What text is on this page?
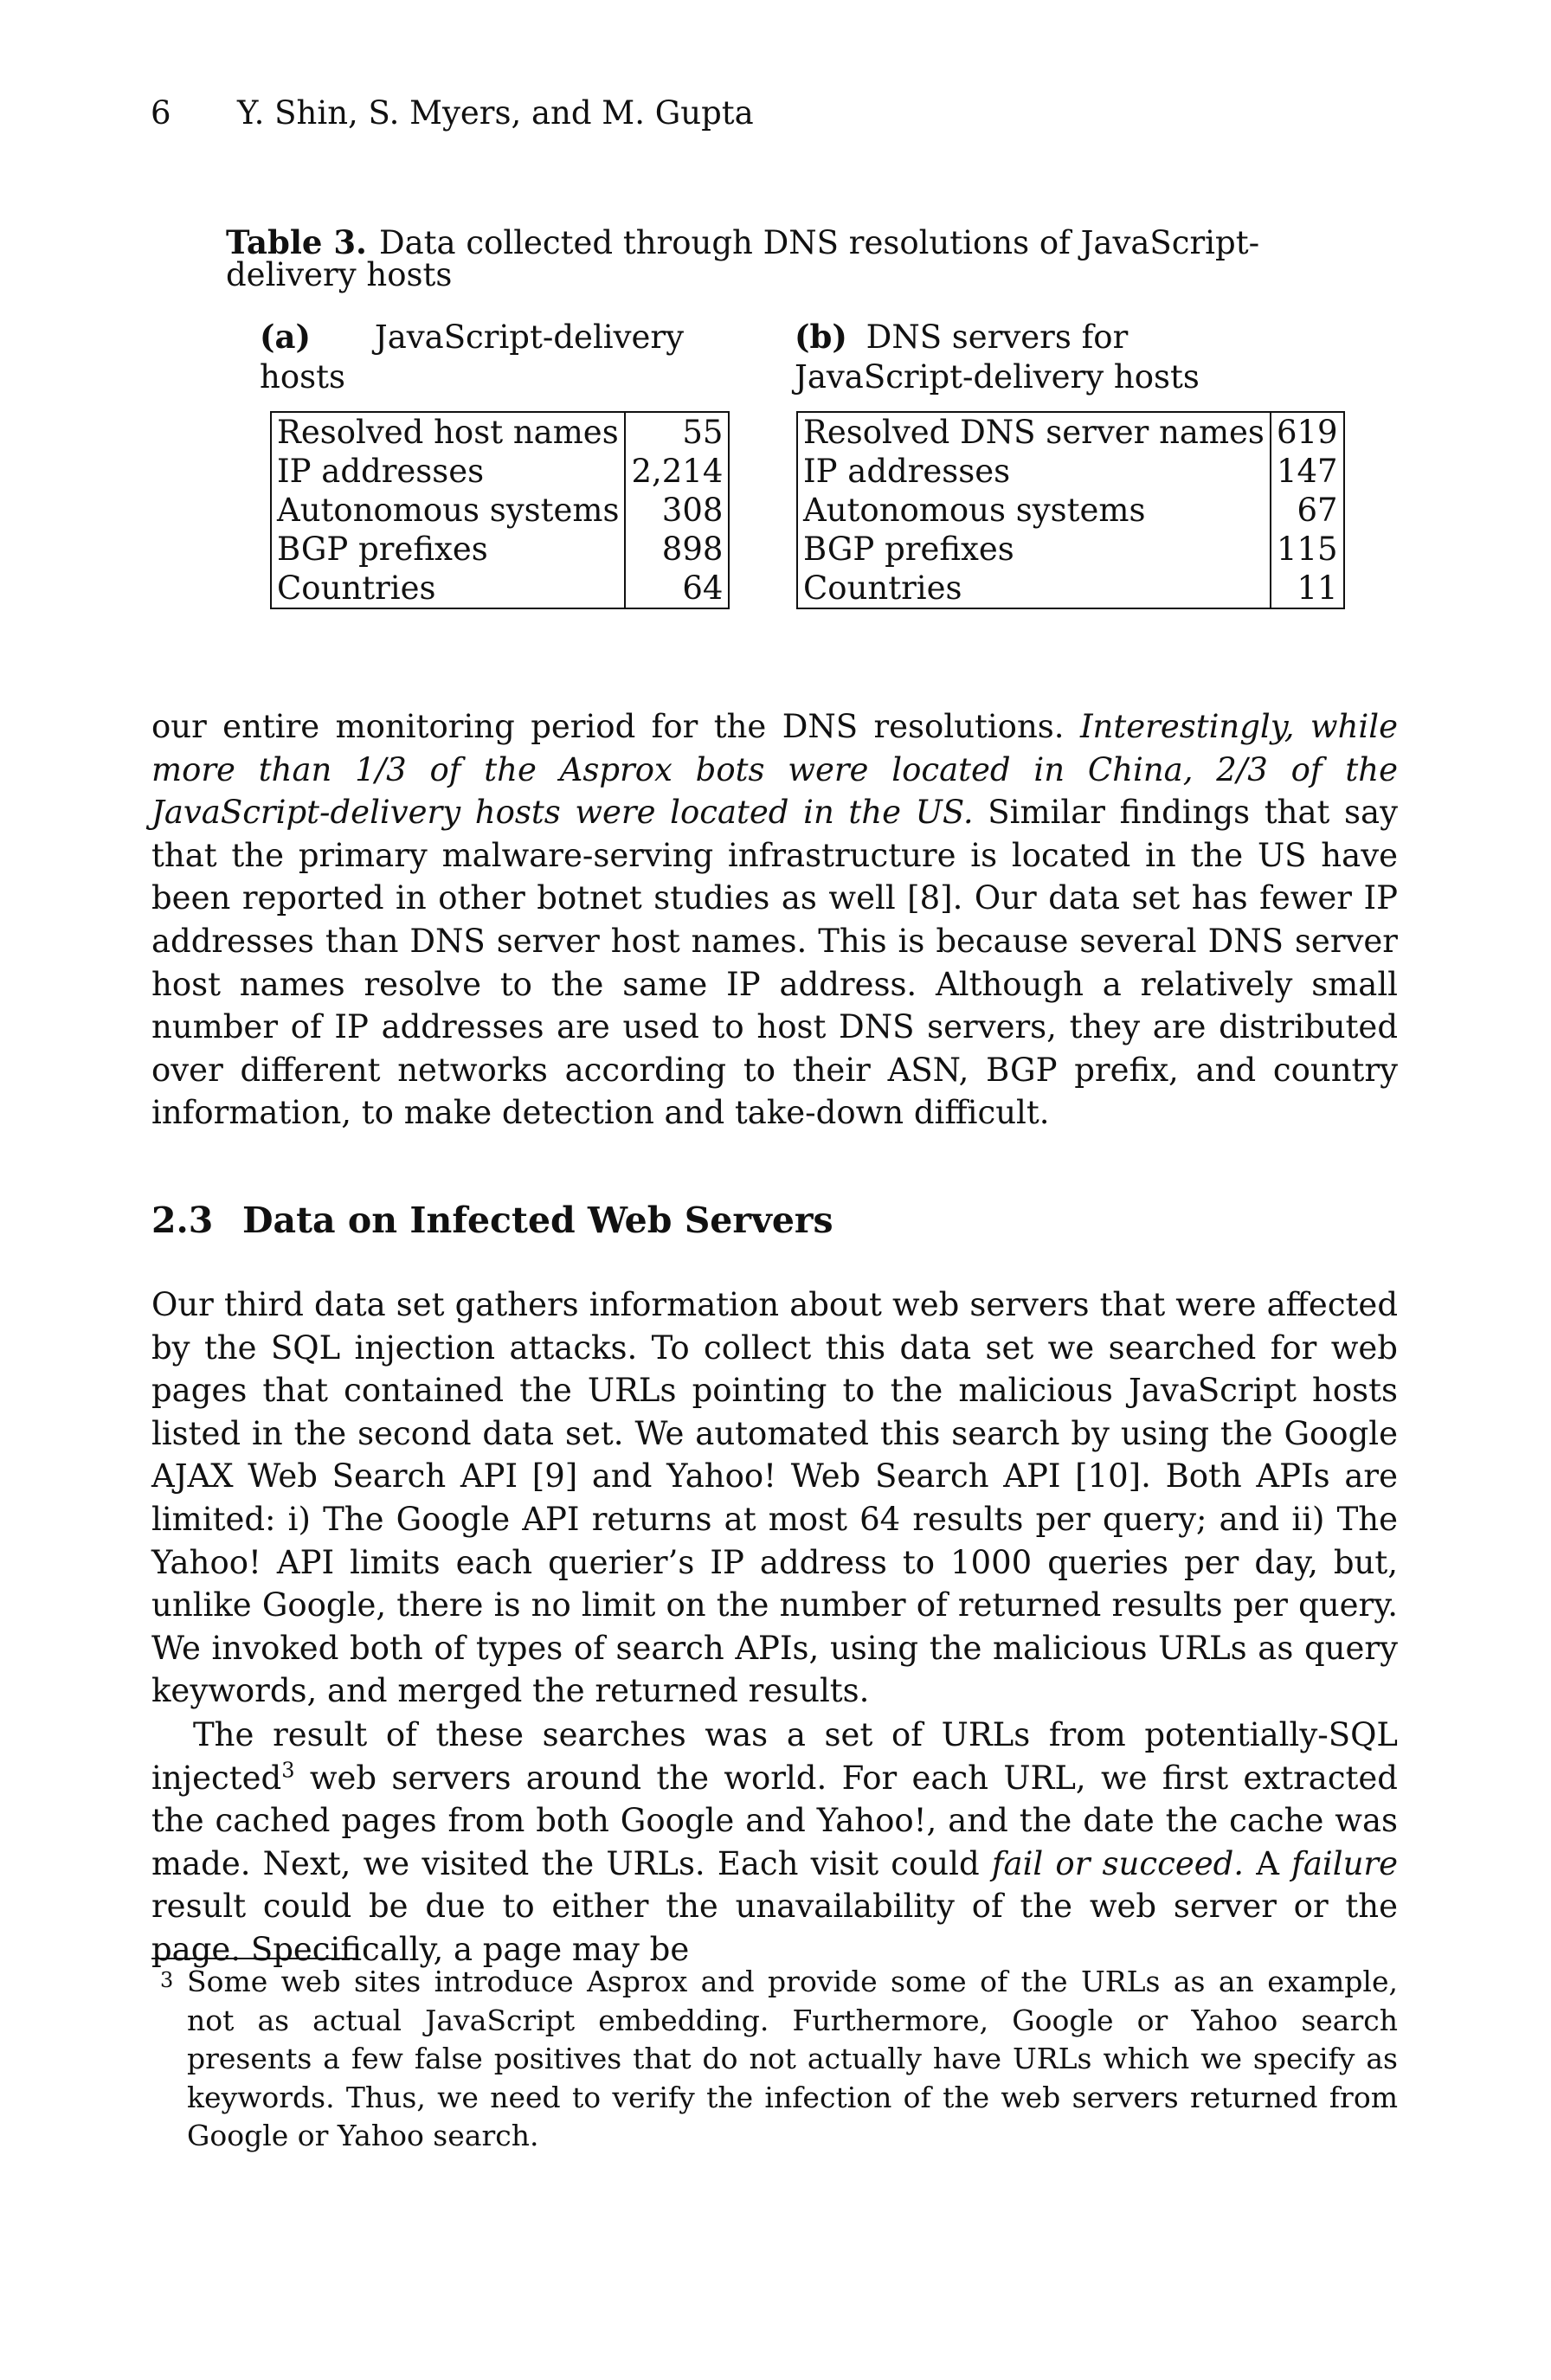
6 Y. Shin, S. Myers, and M. Gupta
Table 3. Data collected through DNS resolutions of JavaScript-delivery hosts
(a) JavaScript-delivery hosts
(b) DNS servers for JavaScript-delivery hosts
Resolved host names	55
IP addresses	2,214
Autonomous systems	308
BGP prefixes	898
Countries	64
Resolved DNS server names	619
IP addresses	147
Autonomous systems	67
BGP prefixes	115
Countries	11

our entire monitoring period for the DNS resolutions. Interestingly, while more than 1/3 of the Asprox bots were located in China, 2/3 of the JavaScript-delivery hosts were located in the US. Similar findings that say that the primary malware-serving infrastructure is located in the US have been reported in other botnet studies as well [8]. Our data set has fewer IP addresses than DNS server host names. This is because several DNS server host names resolve to the same IP address. Although a relatively small number of IP addresses are used to host DNS servers, they are distributed over different networks according to their ASN, BGP prefix, and country information, to make detection and take-down difficult.

2.3 Data on Infected Web Servers

Our third data set gathers information about web servers that were affected by the SQL injection attacks. To collect this data set we searched for web pages that contained the URLs pointing to the malicious JavaScript hosts listed in the second data set. We automated this search by using the Google AJAX Web Search API [9] and Yahoo! Web Search API [10]. Both APIs are limited: i) The Google API returns at most 64 results per query; and ii) The Yahoo! API limits each querier’s IP address to 1000 queries per day, but, unlike Google, there is no limit on the number of returned results per query. We invoked both of types of search APIs, using the malicious URLs as query keywords, and merged the returned results.

The result of these searches was a set of URLs from potentially-SQL injected$^3$ web servers around the world. For each URL, we first extracted the cached pages from both Google and Yahoo!, and the date the cache was made. Next, we visited the URLs. Each visit could fail or succeed. A failure result could be due to either the unavailability of the web server or the page. Specifically, a page may be

3 Some web sites introduce Asprox and provide some of the URLs as an example, not as actual JavaScript embedding. Furthermore, Google or Yahoo search presents a few false positives that do not actually have URLs which we specify as keywords. Thus, we need to verify the infection of the web servers returned from Google or Yahoo search.
